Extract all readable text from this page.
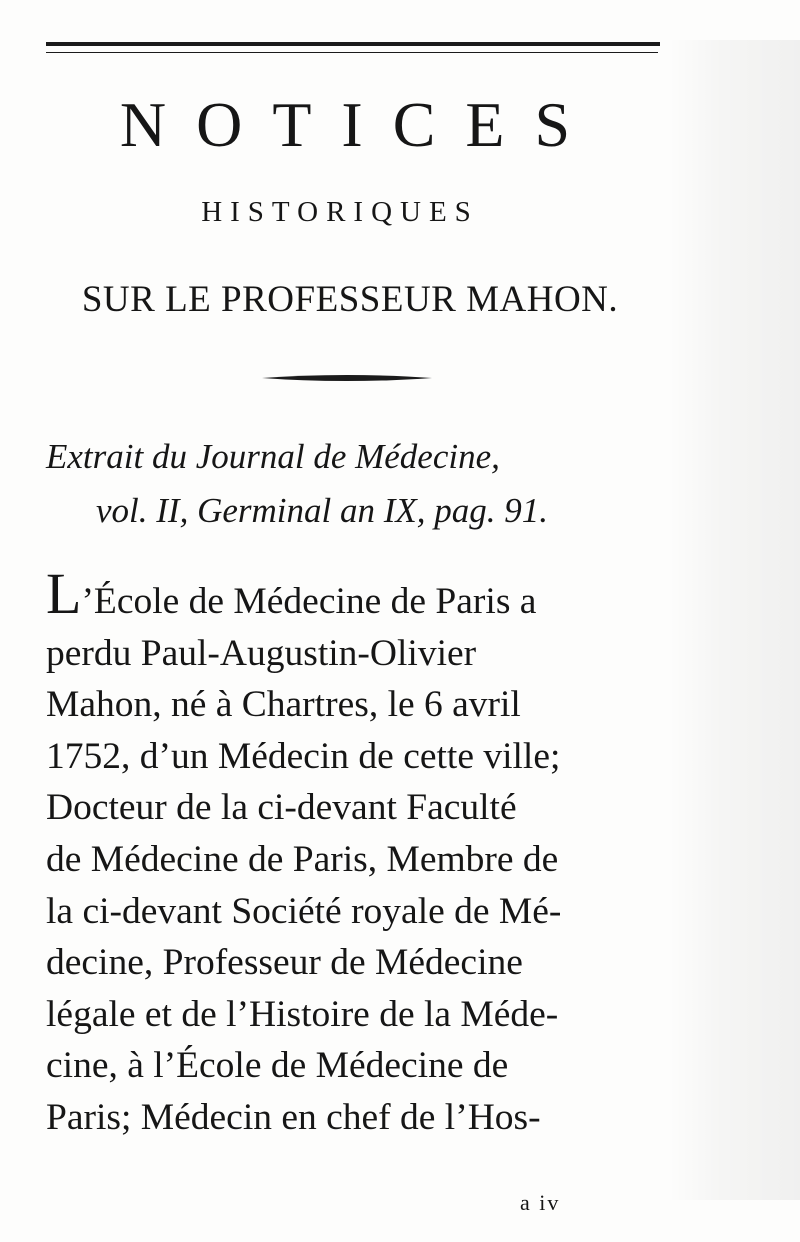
NOTICES
HISTORIQUES
SUR LE PROFESSEUR MAHON.
Extrait du Journal de Médecine,
vol. II, Germinal an IX, pag. 91.
L’École de Médecine de Paris a
perdu Paul-Augustin-Olivier
Mahon, né à Chartres, le 6 avril
1752, d’un Médecin de cette ville;
Docteur de la ci-devant Faculté
de Médecine de Paris, Membre de
la ci-devant Société royale de Mé-
decine, Professeur de Médecine
légale et de l’Histoire de la Méde-
cine, à l’École de Médecine de
Paris; Médecin en chef de l’Hos-
a iv
